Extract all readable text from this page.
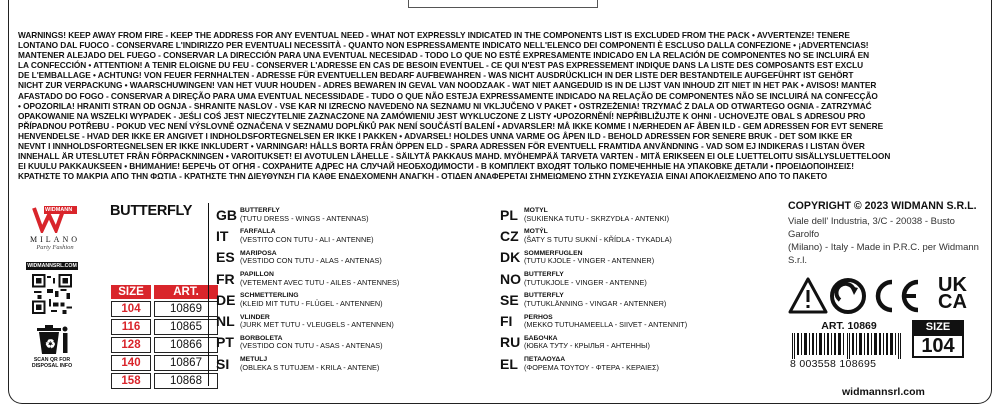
WARNINGS! KEEP AWAY FROM FIRE - KEEP THE ADDRESS FOR ANY EVENTUAL NEED - WHAT NOT EXPRESSLY INDICATED IN THE COMPONENTS LIST IS EXCLUDED FROM THE PACK • AVVERTENZE! TENERE

LONTANO DAL FUOCO - CONSERVARE L'INDIRIZZO PER EVENTUALI NECESSITÀ - QUANTO NON ESPRESSAMENTE INDICATO NELL'ELENCO DEI COMPONENTI È ESCLUSO DALLA CONFEZIONE • ¡ADVERTENCIAS!

MANTENER ALEJADO DEL FUEGO - CONSERVAR LA DIRECCIÓN PARA UNA EVENTUAL NECESIDAD - TODO LO QUE NO ESTÉ EXPRESAMENTE INDICADO EN LA RELACIÓN DE COMPONENTES NO SE INCLUIRÁ EN

LA CONFECCIÓN • ATTENTION! A TENIR ELOIGNE DU FEU - CONSERVER L'ADRESSE EN CAS DE BESOIN EVENTUEL - CE QUI N'EST PAS EXPRESSEMENT INDIQUE DANS LA LISTE DES COMPOSANTS EST EXCLU

DE L'EMBALLAGE • ACHTUNG! VON FEUER FERNHALTEN - ADRESSE FÜR EVENTUELLEN BEDARF AUFBEWAHREN - WAS NICHT AUSDRÜCKLICH IN DER LISTE DER BESTANDTEILE AUFGEFÜHRT IST GEHÖRT

NICHT ZUR VERPACKUNG • WAARSCHUWINGEN! VAN HET VUUR HOUDEN - ADRES BEWAREN IN GEVAL VAN NOODZAAK - WAT NIET AANGEDUID IS IN DE LIJST VAN INHOUD ZIT NIET IN HET PAK • AVISOS! MANTER

AFASTADO DO FOGO - CONSERVAR A DIREÇÃO PARA UMA EVENTUAL NECESSIDADE - TUDO O QUE NÃO ESTEJA EXPRESSAMENTE INDICADO NA RELAÇÃO DE COMPONENTES NÃO SE INCLUIRÁ NA CONFECÇÃO

• OPOZORILA! HRANITI STRAN OD OGNJA - SHRANITE NASLOV - VSE KAR NI IZRECNO NAVEDENO NA SEZNAMU NI VKLJUČENO V PAKET • OSTRZEŻENIA! TRZYMAĆ Z DALA OD OTWARTEGO OGNIA - ZATRZYMAĆ

OPAKOWANIE NA WSZELKI WYPADEK - JEŚLI COŚ JEST NIECZYTELNIE ZAZNACZONE NA ZAMÓWIENIU JEST WYKLUCZONE Z LISTY •UPOZORNĚNÍ! NEPŘIBLIŽUJTE K OHNI - UCHOVEJTE OBAL S ADRESOU PRO

PŘÍPADNOU POTŘEBU - POKUD VEC NENÍ VÝSLOVNĚ OZNAČENA V SEZNAMU DOPLŇKŮ PAK NENÍ SOUČÁSTÍ BALENÍ • ADVARSLER! MÅ IKKE KOMME I NÆRHEDEN AF ÅBEN ILD - GEM ADRESSEN FOR EVT SENERE

HENVENDELSE - HVAD DER IKKE ER ANGIVET I INDHOLDSFORTEGNELSEN ER IKKE I PAKKEN • ADVARSEL! HOLDES UNNA VARME OG ÅPEN ILD - BEHOLD ADRESSEN FOR SENERE BRUK - DET SOM IKKE ER

NEVNT I INNHOLDSFORTEGNELSEN ER IKKE INKLUDERT • VARNINGAR! HÅLLS BORTA FRÅN ÖPPEN ELD - SPARA ADRESSEN FÖR EVENTUELL FRAMTIDA ANVÄNDNING - VAD SOM EJ INDIKERAS I LISTAN ÖVER

INNEHALL ÄR UTESLUTET FRÅN FÖRPACKNINGEN • VAROITUKSET! EI AVOTULEN LÄHELLE - SÄILYTÄ PAKKAUS MAHD. MYÖHEMPÄÄ TARVETA VARTEN - MITÄ ERIKSEEN EI OLE LUETTELOITU SISÄLLYSLUETTELOON

EI KUULU PAKKAUKSEEN • ВНИМАНИЕ! БЕРЕЧЬ ОТ ОГНЯ - СОХРАНИТЕ АДРЕС НА СЛУЧАЙ НЕОБХОДИМОСТИ - В КОМПЛЕКТ ВХОДЯТ ТОЛЬКО ПОМЕЧЕННЫЕ НА УПАКОВКЕ ДЕТАЛИ • ΠΡΟΕΙΔΟΠΟΙΗΣΕΙΣ!

ΚΡΑΤΗΣΤΕ ΤΟ ΜΑΚΡΙΑ ΑΠΟ ΤΗΝ ΦΩΤΙΑ - ΚΡΑΤΗΣΤΕ ΤΗΝ ΔΙΕΥΘΥΝΣΗ ΓΙΑ ΚΑΘΕ ΕΝΔΕΧΟΜΕΝΗ ΑΝΑΓΚΗ - ΟΤΙΔΕΝ ΑΝΑΦΕΡΕΤΑΙ ΣΗΜΕΙΩΜΕΝΟ ΣΤΗΝ ΣΥΣΚΕΥΑΣΙΑ ΕΙΝΑΙ ΑΠΟΚΛΕΙΣΜΕΝΟ ΑΠΟ ΤΟ ΠΑΚΕΤΟ

WIDMANN
MILANO
Party Fashion
WIDMANNSRL.COM
♻
SCAN QR FOR
DISPOSAL INFO
BUTTERFLY
SIZE	ART.
104	10869
116	10865
128	10866
140	10867
158	10868
GB BUTTERFLY
(TUTU DRESS - WINGS - ANTENNAS)
IT	FARFALLA
(VESTITO CON TUTU - ALI - ANTENNE)
ES MARIPOSA
(VESTIDO CON TUTU - ALAS - ANTENAS)
FR PAPILLON
(VETEMENT AVEC TUTU - AILES - ANTENNES)
DE SCHMETTERLING
(KLEID MIT TUTU - FLÜGEL - ANTENNEN)
NL VLINDER
(JURK MET TUTU - VLEUGELS - ANTENNEN)
PT BORBOLETA
(VESTIDO CON TUTU - ASAS - ANTENAS)
SI	METULJ
(OBLEKA S TUTUJEM - KRILA - ANTENE)
PL MOTYL
(SUKIENKA TUTU - SKRZYDŁA - ANTENKI)
CZ MOTÝL
(ŠATY S TUTU SUKNÍ - KŘÍDLA - TYKADLA)
DK SOMMERFUGLEN
(TUTU KJOLE - VINGER - ANTENNER)
NO BUTTERFLY
(TUTUKJOLE - VINGER - ANTENNE)
SE BUTTERFLY
(TUTUKLÄNNING - VINGAR - ANTENNER)
FI	PERHOS
(MEKKO TUTUHAMEELLA - SIIVET - ANTENNIT)
RU БАБОЧКА
(ЮБКА ТУТУ - КРЫЛЬЯ - АНТЕННЫ)
EL ΠΕΤΑΛΟΥΔΑ
(ΦΟΡΕΜΑ ΤΟΥΤΟΥ - ΦΤΕΡΑ - ΚΕΡΑΙΕΣ)
COPYRIGHT © 2023 WIDMANN S.R.L.
Viale dell' Industria, 3/C - 20038 - Busto Garolfo
(Milano) - Italy - Made in P.R.C. per Widmann S.r.l.
UK
CA
ART. 10869
8 003558 108695
SIZE
104
widmannsrl.com
